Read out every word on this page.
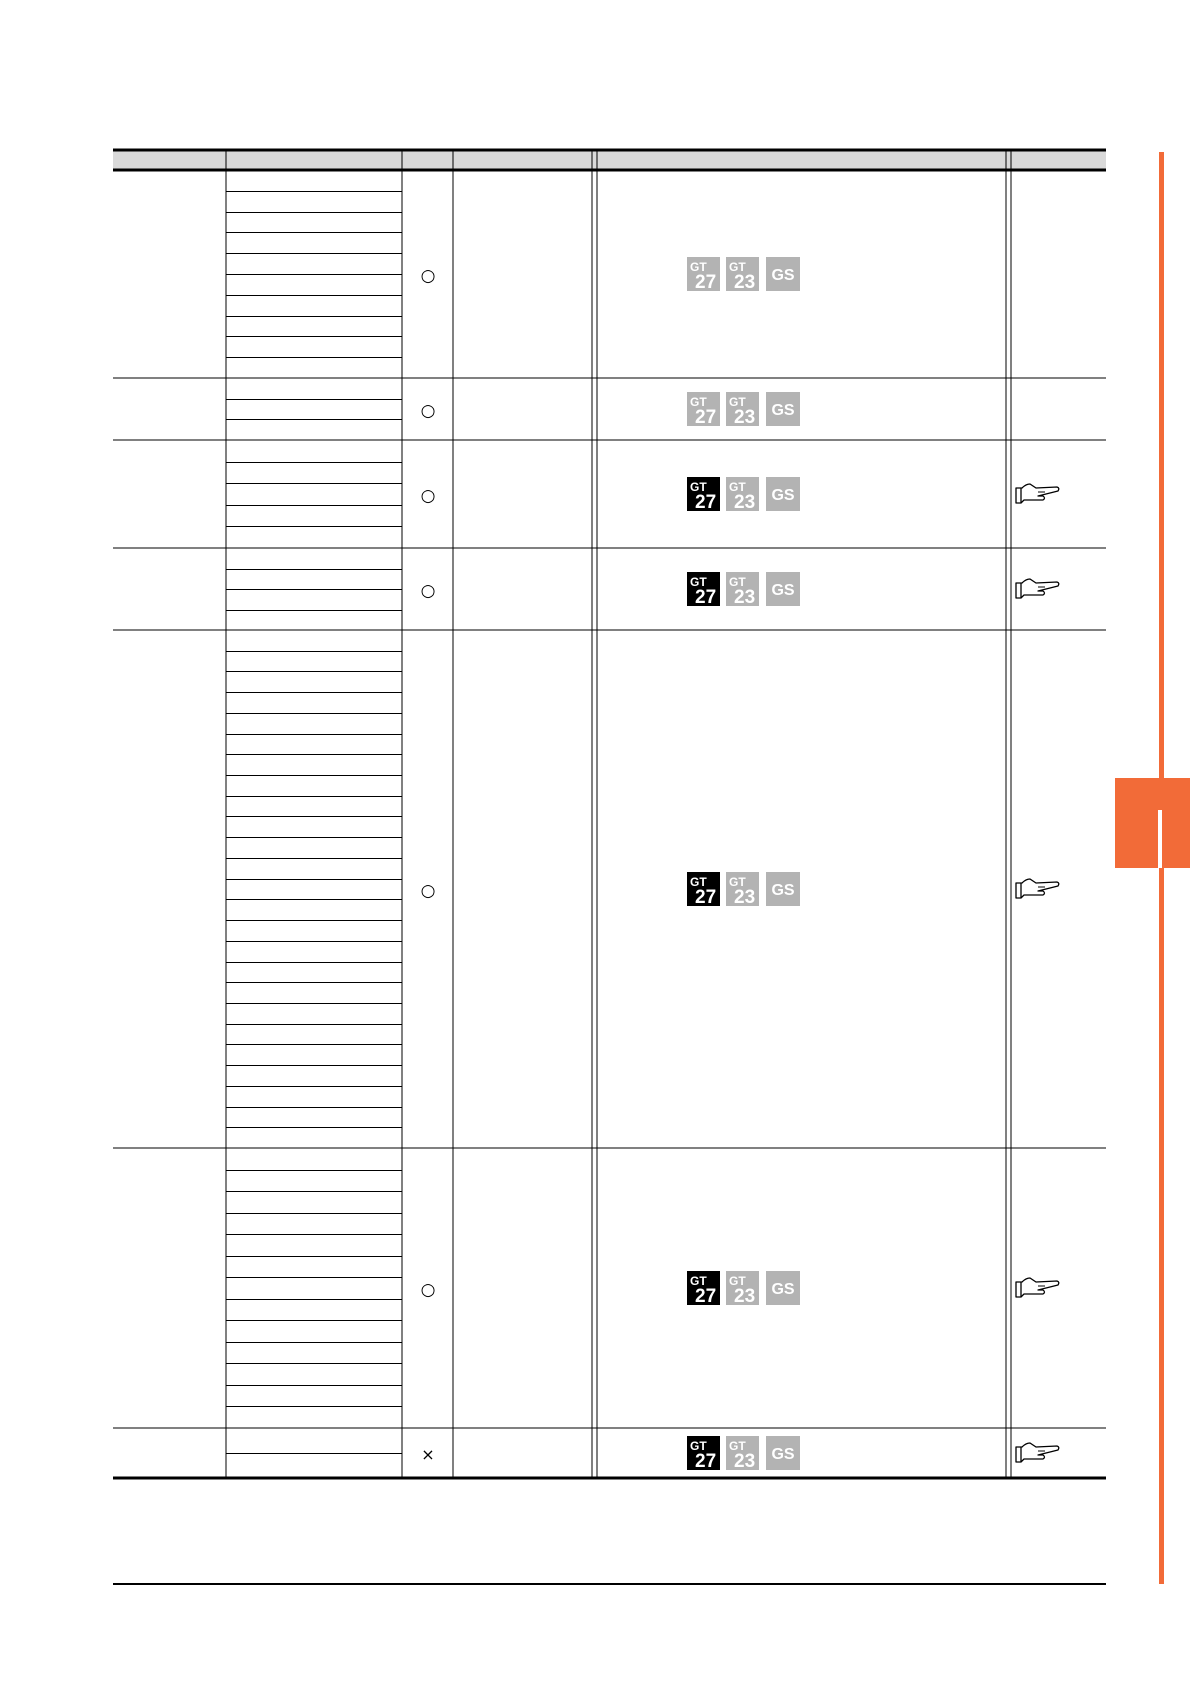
○	GT
27
GT
23 GS
○	GT
27
GT
23 GS
○	GT
27
GT
23 GS
○	GT
27
GT
23 GS
○	GT
27
GT
23 GS
○	GT
27
GT
23 GS
×	GT
27
GT
23 GS
